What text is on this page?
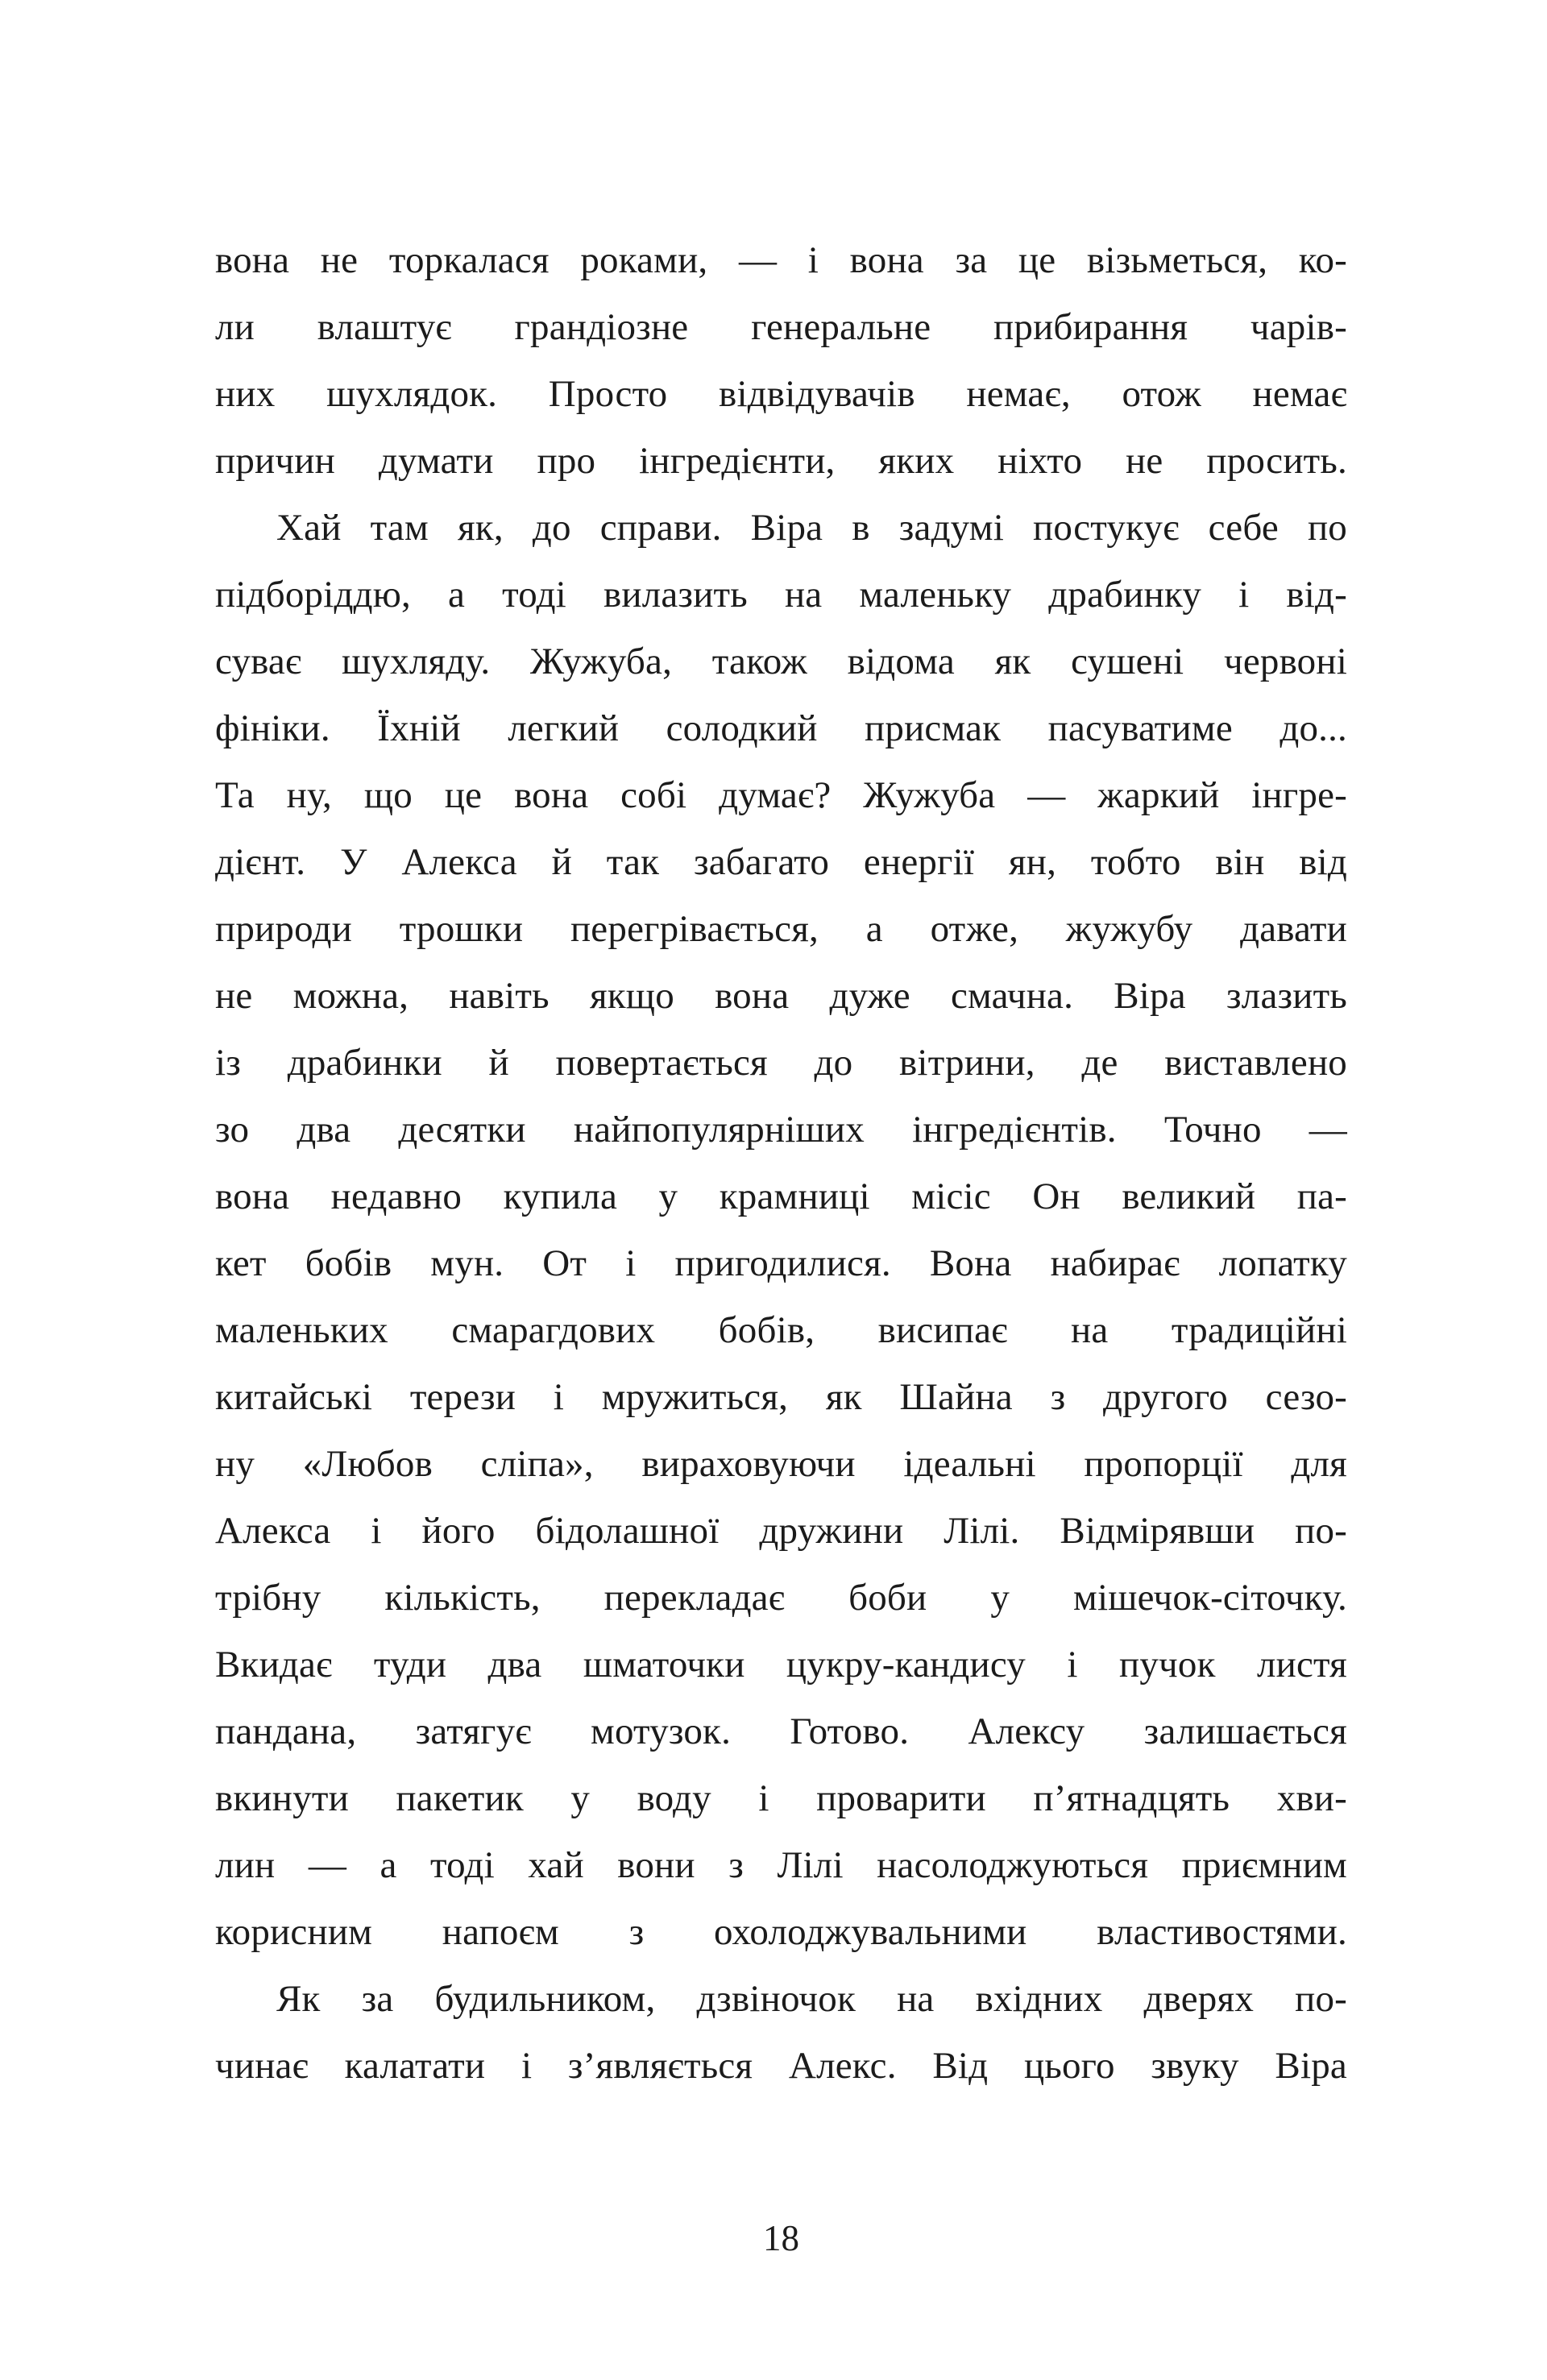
вона не торкалася роками, — і вона за це візьметься, ко-

ли влаштує грандіозне генеральне прибирання чарів-

них шухлядок. Просто відвідувачів немає, отож немає

причин думати про інгредієнти, яких ніхто не просить.

Хай там як, до справи. Віра в задумі постукує себе по

підборіддю, а тоді вилазить на маленьку драбинку і від-

суває шухляду. Жужуба, також відома як сушені червоні

фініки. Їхній легкий солодкий присмак пасуватиме до...

Та ну, що це вона собі думає? Жужуба — жаркий інгре-

дієнт. У Алекса й так забагато енергії ян, тобто він від

природи трошки перегрівається, а отже, жужубу давати

не можна, навіть якщо вона дуже смачна. Віра злазить

із драбинки й повертається до вітрини, де виставлено

зо два десятки найпопулярніших інгредієнтів. Точно —

вона недавно купила у крамниці місіс Он великий па-

кет бобів мун. От і пригодилися. Вона набирає лопатку

маленьких смарагдових бобів, висипає на традиційні

китайські терези і мружиться, як Шайна з другого сезо-

ну «Любов сліпа», вираховуючи ідеальні пропорції для

Алекса і його бідолашної дружини Лілі. Відмірявши по-

трібну кількість, перекладає боби у мішечок-сіточку.

Вкидає туди два шматочки цукру-кандису і пучок листя

пандана, затягує мотузок. Готово. Алексу залишається

вкинути пакетик у воду і проварити п’ятнадцять хви-

лин — а тоді хай вони з Лілі насолоджуються приємним

корисним напоєм з охолоджувальними властивостями.

Як за будильником, дзвіночок на вхідних дверях по-

чинає калатати і з’являється Алекс. Від цього звуку Віра

18
